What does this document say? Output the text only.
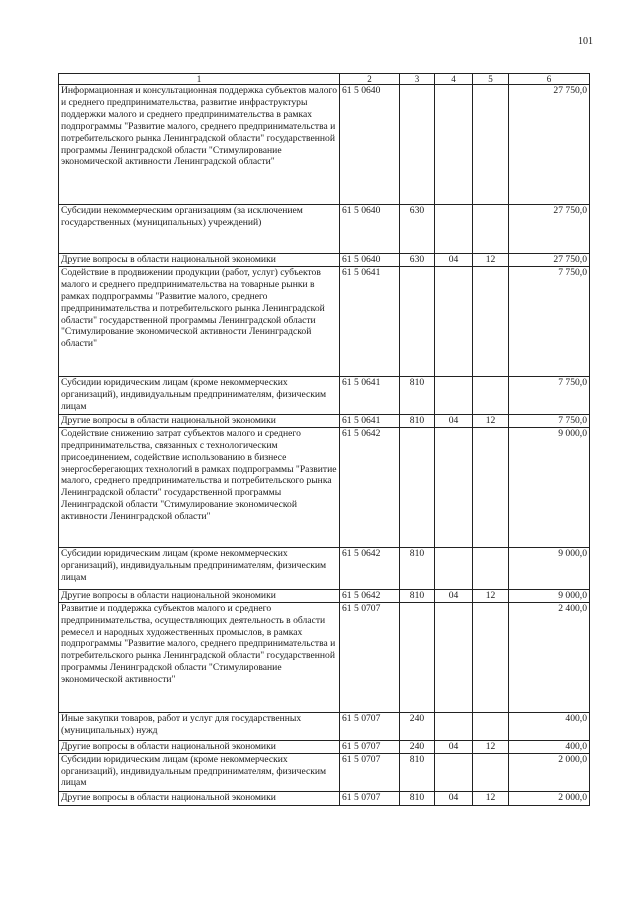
101
1	2	3	4	5	6
Информационная и консультационная поддержка субъектов малого и среднего предпринимательства, развитие инфраструктуры поддержки малого и среднего предпринимательства в рамках подпрограммы "Развитие малого, среднего предпринимательства и потребительского рынка Ленинградской области" государственной программы Ленинградской области "Стимулирование экономической активности Ленинградской области"	61 5 0640				27 750,0
Субсидии некоммерческим организациям (за исключением государственных (муниципальных) учреждений)	61 5 0640	630			27 750,0
Другие вопросы в области национальной экономики	61 5 0640	630	04	12	27 750,0
Содействие в продвижении продукции (работ, услуг) субъектов малого и среднего предпринимательства на товарные рынки в рамках подпрограммы "Развитие малого, среднего предпринимательства и потребительского рынка Ленинградской области" государственной программы Ленинградской области "Стимулирование экономической активности Ленинградской области"	61 5 0641				7 750,0
Субсидии юридическим лицам (кроме некоммерческих организаций), индивидуальным предпринимателям, физическим лицам	61 5 0641	810			7 750,0
Другие вопросы в области национальной экономики	61 5 0641	810	04	12	7 750,0
Содействие снижению затрат субъектов малого и среднего предпринимательства, связанных с технологическим присоединением, содействие использованию в бизнесе энергосберегающих технологий в рамках подпрограммы "Развитие малого, среднего предпринимательства и потребительского рынка Ленинградской области" государственной программы Ленинградской области "Стимулирование экономической активности Ленинградской области"	61 5 0642				9 000,0
Субсидии юридическим лицам (кроме некоммерческих организаций), индивидуальным предпринимателям, физическим лицам	61 5 0642	810			9 000,0
Другие вопросы в области национальной экономики	61 5 0642	810	04	12	9 000,0
Развитие и поддержка субъектов малого и среднего предпринимательства, осуществляющих деятельность в области ремесел и народных художественных промыслов, в рамках подпрограммы "Развитие малого, среднего предпринимательства и потребительского рынка Ленинградской области" государственной программы Ленинградской области "Стимулирование экономической активности"	61 5 0707				2 400,0
Иные закупки товаров, работ и услуг для государственных (муниципальных) нужд	61 5 0707	240			400,0
Другие вопросы в области национальной экономики	61 5 0707	240	04	12	400,0
Субсидии юридическим лицам (кроме некоммерческих организаций), индивидуальным предпринимателям, физическим лицам	61 5 0707	810			2 000,0
Другие вопросы в области национальной экономики	61 5 0707	810	04	12	2 000,0
